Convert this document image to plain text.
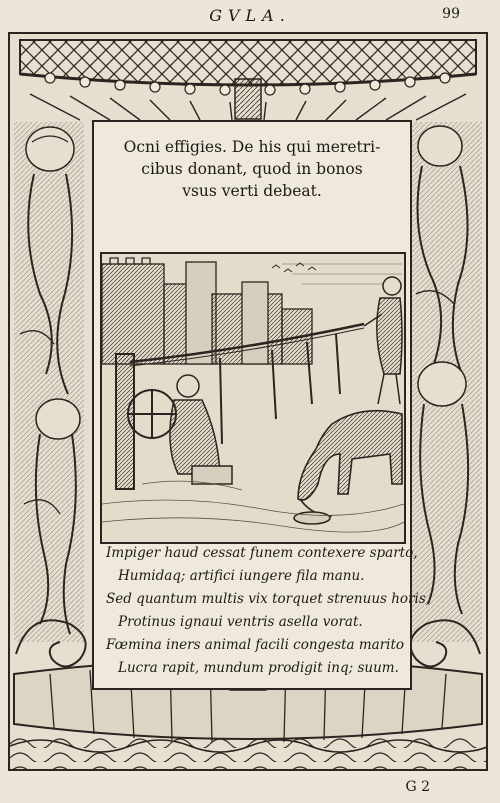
GVLA.	99
Ocni effigies. De his qui meretri-
cibus donant, quod in bonos
vsus verti debeat.
Impiger haud cessat funem contexere sparto,
Humidaq; artifici iungere fila manu.
Sed quantum multis vix torquet strenuus horis,
Protinus ignaui ventris asella vorat.
Fœmina iners animal facili congesta marito
Lucra rapit, mundum prodigit inq; suum.
G 2
